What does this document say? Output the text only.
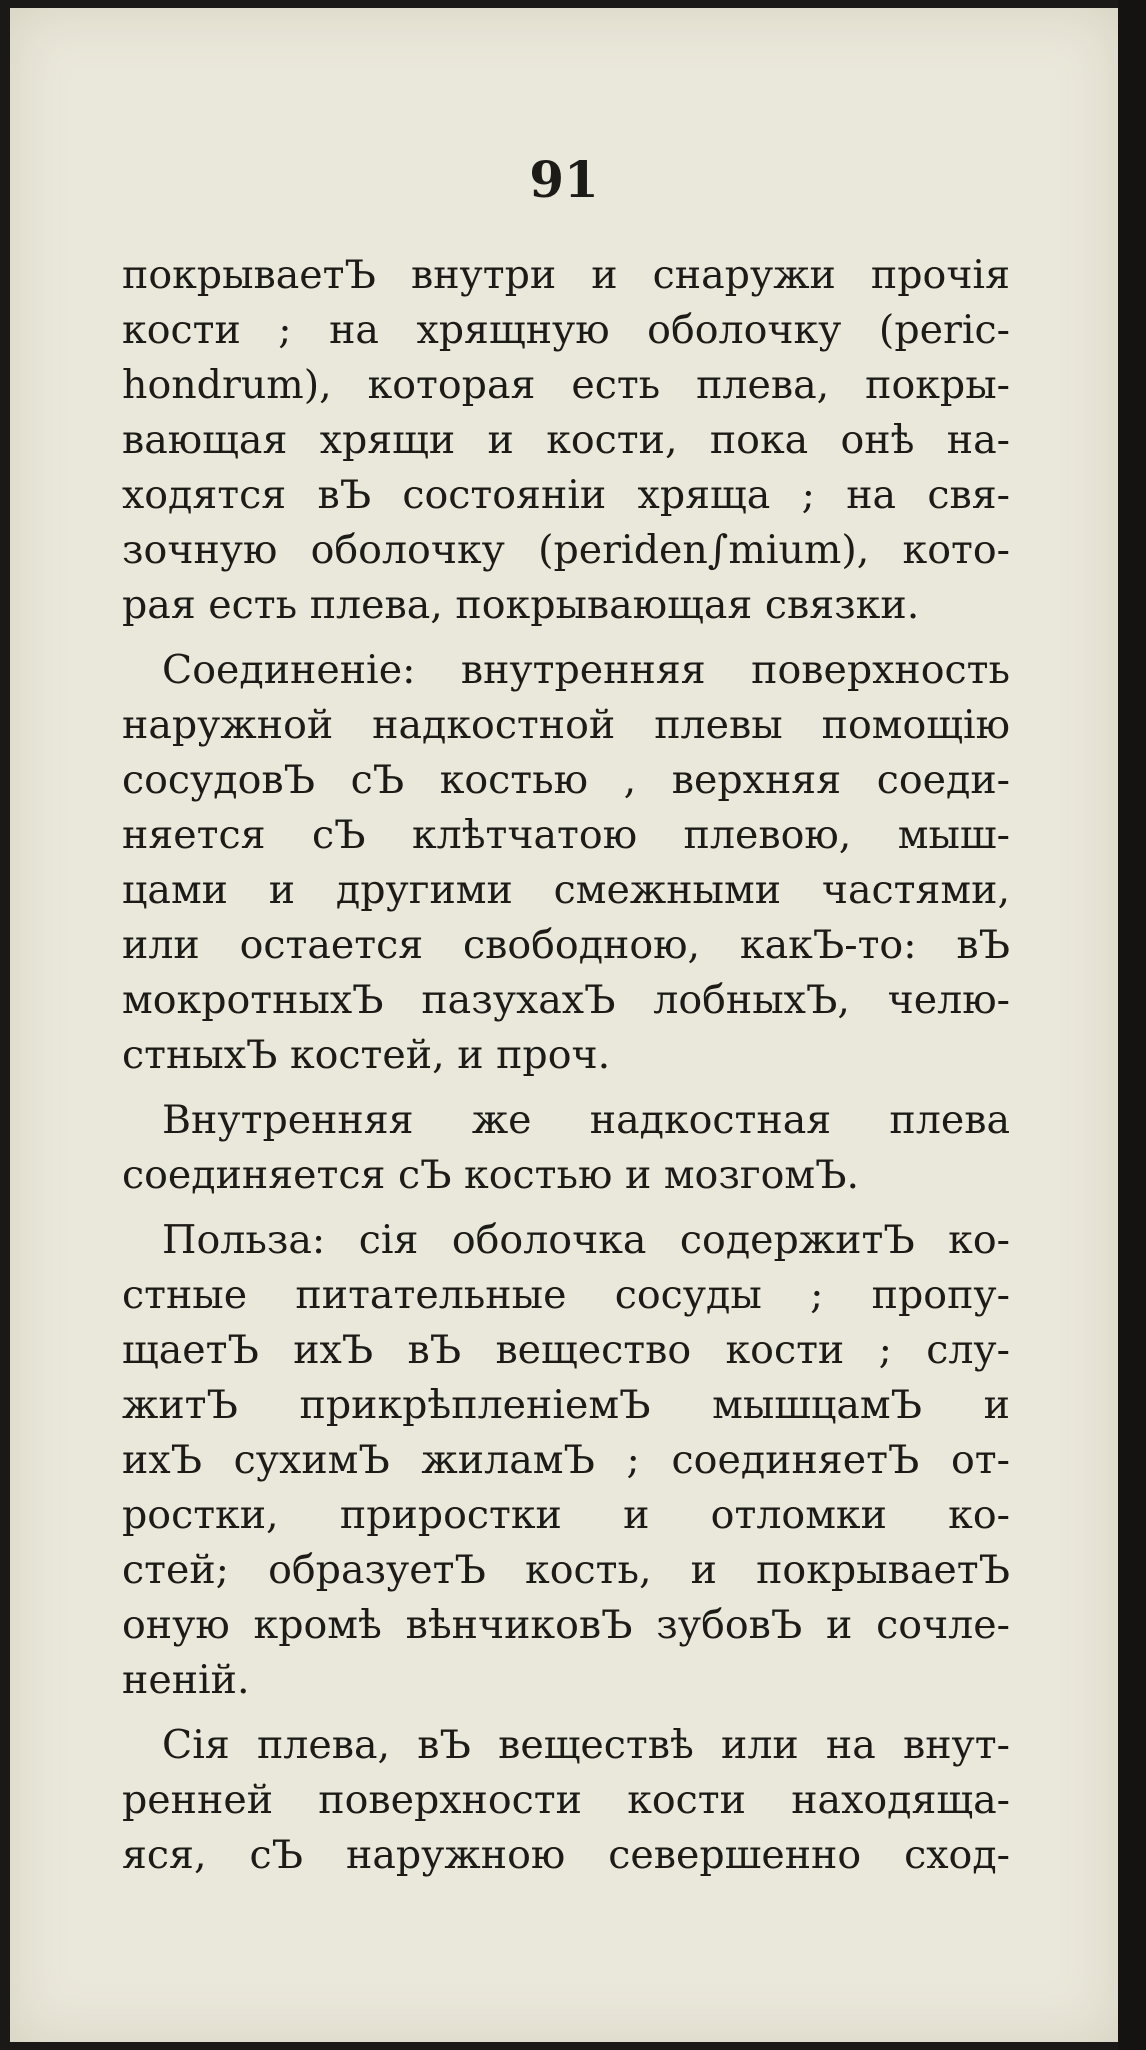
91
покрываетЪ внутри и снаружи прочія
кости ; на хрящную оболочку (peric-
hondrum), которая есть плева, покры-
вающая хрящи и кости, пока онѣ на-
ходятся вЪ состояніи хряща ; на свя-
зочную оболочку (periden∫mium), кото-
рая есть плева, покрывающая связки.
Соединеніе: внутренняя поверхность
наружной надкостной плевы помощію
сосудовЪ сЪ костью , верхняя соеди-
няется сЪ клѣтчатою плевою, мыш-
цами и другими смежными частями,
или остается свободною, какЪ-то: вЪ
мокротныхЪ пазухахЪ лобныхЪ, челю-
стныхЪ костей, и проч.
Внутренняя же надкостная плева
соединяется сЪ костью и мозгомЪ.
Польза: сія оболочка содержитЪ ко-
стные питательные сосуды ; пропу-
щаетЪ ихЪ вЪ вещество кости ; слу-
житЪ прикрѣпленіемЪ мышцамЪ и
ихЪ сухимЪ жиламЪ ; соединяетЪ от-
ростки, приростки и отломки ко-
стей; образуетЪ кость, и покрываетЪ
оную кромѣ вѣнчиковЪ зубовЪ и сочле-
неній.
Сія плева, вЪ веществѣ или на внут-
ренней поверхности кости находяща-
яся, сЪ наружною севершенно сход-
